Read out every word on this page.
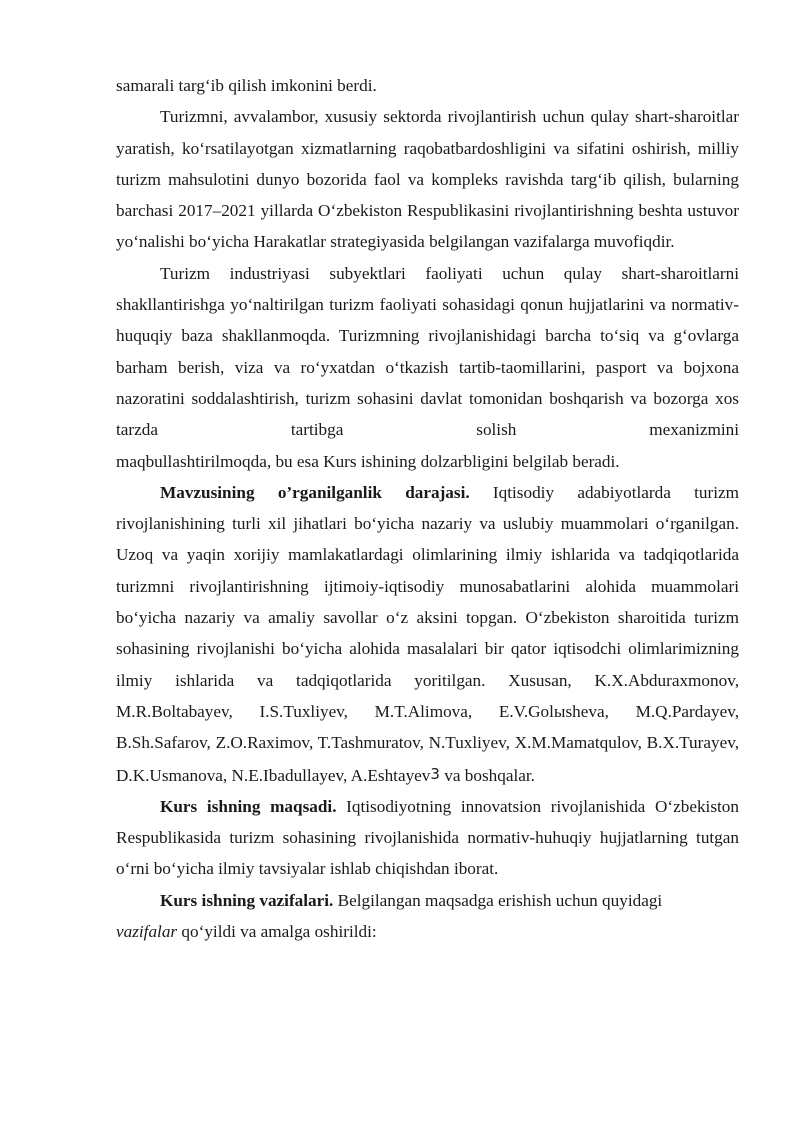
samarali targ‘ib qilish imkonini berdi.

Turizmni, avvalambor, xususiy sektorda rivojlantirish uchun qulay shart-sharoitlar yaratish, ko‘rsatilayotgan xizmatlarning raqobatbardoshligini va sifatini oshirish, milliy turizm mahsulotini dunyo bozorida faol va kompleks ravishda targ‘ib qilish, bularning barchasi 2017–2021 yillarda O‘zbekiston Respublikasini rivojlantirishning beshta ustuvor yo‘nalishi bo‘yicha Harakatlar strategiyasida belgilangan vazifalarga muvofiqdir.

Turizm industriyasi subyektlari faoliyati uchun qulay shart-sharoitlarni shakllantirishga yo‘naltirilgan turizm faoliyati sohasidagi qonun hujjatlarini va normativ-huquqiy baza shakllanmoqda. Turizmning rivojlanishidagi barcha to‘siq va g‘ovlarga barham berish, viza va ro‘yxatdan o‘tkazish tartib-taomillarini, pasport va bojxona nazoratini soddalashtirish, turizm sohasini davlat tomonidan boshqarish va bozorga xos tarzda tartibga solish mexanizmini

maqbullashtirilmoqda, bu esa Kurs ishining dolzarbligini belgilab beradi.

Mavzusining o’rganilganlik darajasi. Iqtisodiy adabiyotlarda turizm rivojlanishining turli xil jihatlari bo‘yicha nazariy va uslubiy muammolari o‘rganilgan. Uzoq va yaqin xorijiy mamlakatlardagi olimlarining ilmiy ishlarida va tadqiqotlarida turizmni rivojlantirishning ijtimoiy-iqtisodiy munosabatlarini alohida muammolari bo‘yicha nazariy va amaliy savollar o‘z aksini topgan. O‘zbekiston sharoitida turizm sohasining rivojlanishi bo‘yicha alohida masalalari bir qator iqtisodchi olimlarimizning ilmiy ishlarida va tadqiqotlarida yoritilgan. Xususan, K.X.Abduraxmonov, M.R.Boltabayev, I.S.Tuxliyev, M.T.Alimova, E.V.Golыsheva, M.Q.Pardayev, B.Sh.Safarov, Z.O.Raximov, T.Tashmuratov, N.Tuxliyev, X.M.Mamatqulov, B.X.Turayev, D.K.Usmanova, N.E.Ibadullayev, A.Eshtayev3 va boshqalar.

Kurs ishning maqsadi. Iqtisodiyotning innovatsion rivojlanishida O‘zbekiston Respublikasida turizm sohasining rivojlanishida normativ-huhuqiy hujjatlarning tutgan o‘rni bo‘yicha ilmiy tavsiyalar ishlab chiqishdan iborat.

Kurs ishning vazifalari. Belgilangan maqsadga erishish uchun quyidagi

vazifalar qo‘yildi va amalga oshirildi:
